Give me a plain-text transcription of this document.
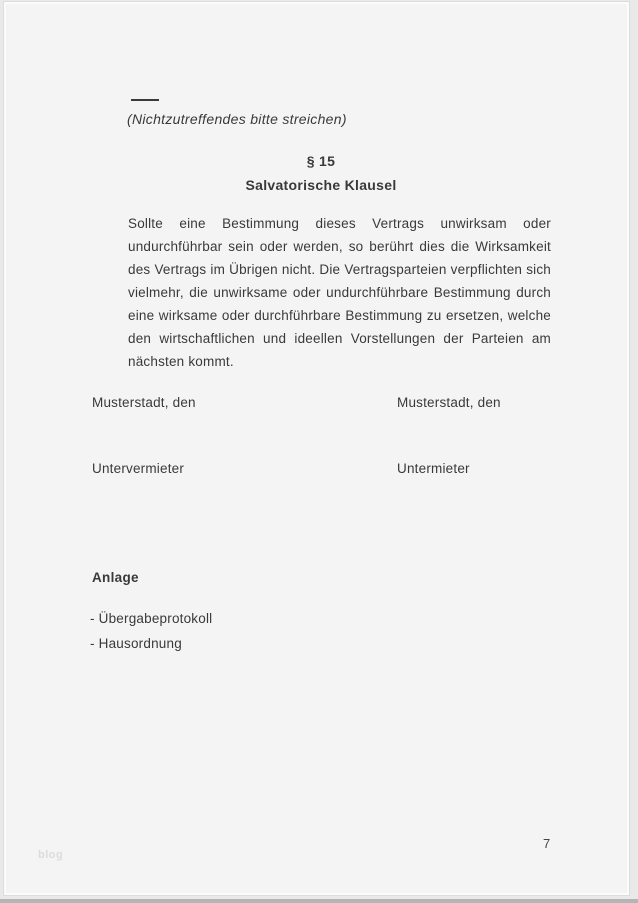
(Nichtzutreffendes bitte streichen)
§ 15
Salvatorische Klausel
Sollte eine Bestimmung dieses Vertrags unwirksam oder undurchführbar sein oder werden, so berührt dies die Wirksamkeit des Vertrags im Übrigen nicht. Die Vertragsparteien verpflichten sich vielmehr, die unwirksame oder undurchführbare Bestimmung durch eine wirksame oder durchführbare Bestimmung zu ersetzen, welche den wirtschaftlichen und ideellen Vorstellungen der Parteien am nächsten kommt.
Musterstadt, den	Musterstadt, den
Untervermieter	Untermieter
Anlage
- Übergabeprotokoll
- Hausordnung
blog
7
